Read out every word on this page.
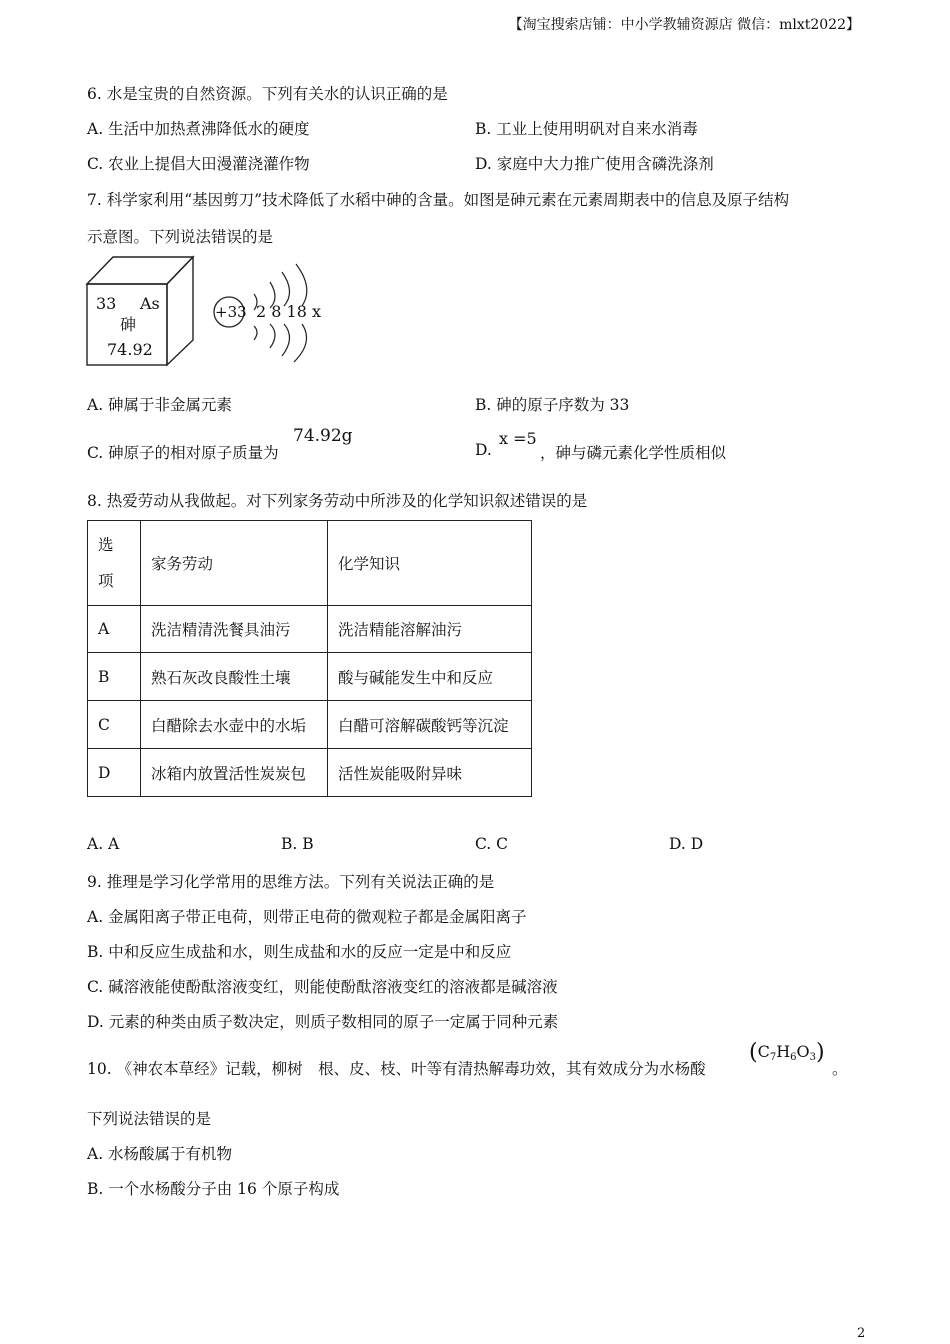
【淘宝搜索店铺：中小学教辅资源店 微信：mlxt2022】
6. 水是宝贵的自然资源。下列有关水的认识正确的是
A. 生活中加热煮沸降低水的硬度	B. 工业上使用明矾对自来水消毒
C. 农业上提倡大田漫灌浇灌作物	D. 家庭中大力推广使用含磷洗涤剂
7. 科学家利用“基因剪刀”技术降低了水稻中砷的含量。如图是砷元素在元素周期表中的信息及原子结构
示意图。下列说法错误的是
33 As
砷
74.92
+33 2 8 18 x
A. 砷属于非金属元素	B. 砷的原子序数为 33
C. 砷原子的相对原子质量为
74.92g
D.
x =5
，砷与磷元素化学性质相似
8. 热爱劳动从我做起。对下列家务劳动中所涉及的化学知识叙述错误的是
选
项	家务劳动	化学知识
A	洗洁精清洗餐具油污	洗洁精能溶解油污
B	熟石灰改良酸性土壤	酸与碱能发生中和反应
C	白醋除去水壶中的水垢	白醋可溶解碳酸钙等沉淀
D	冰箱内放置活性炭炭包	活性炭能吸附异味
A. A	B. B	C. C	D. D
9. 推理是学习化学常用的思维方法。下列有关说法正确的是
A. 金属阳离子带正电荷，则带正电荷的微观粒子都是金属阳离子
B. 中和反应生成盐和水，则生成盐和水的反应一定是中和反应
C. 碱溶液能使酚酞溶液变红，则能使酚酞溶液变红的溶液都是碱溶液
D. 元素的种类由质子数决定，则质子数相同的原子一定属于同种元素
10. 《神农本草经》记载，柳树　根、皮、枝、叶等有清热解毒功效，其有效成分为水杨酸
$(C_7H_6O_3)$
。
下列说法错误的是
A. 水杨酸属于有机物
B. 一个水杨酸分子由 16 个原子构成
2
